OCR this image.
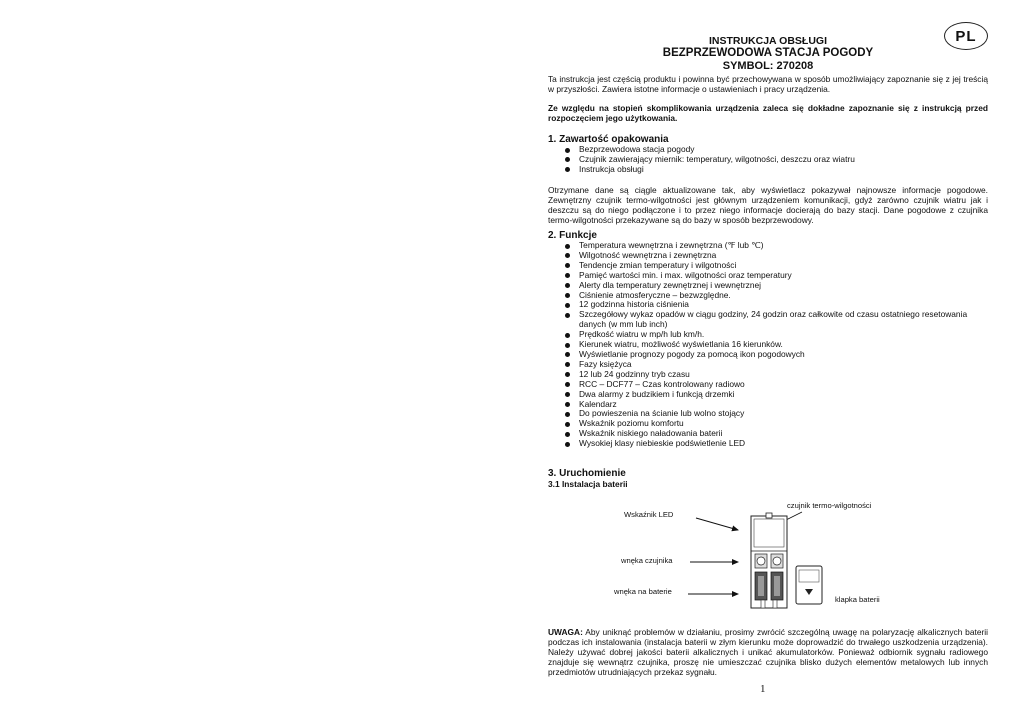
PL
INSTRUKCJA OBSŁUGI
BEZPRZEWODOWA STACJA POGODY
SYMBOL: 270208
Ta instrukcja jest częścią produktu i powinna być przechowywana w sposób umożliwiający zapoznanie się z jej treścią w przyszłości. Zawiera istotne informacje o ustawieniach i pracy urządzenia.
Ze względu na stopień skomplikowania urządzenia zaleca się dokładne zapoznanie się z instrukcją przed rozpoczęciem jego użytkowania.
1. Zawartość opakowania
Bezprzewodowa stacja pogody
Czujnik zawierający miernik: temperatury, wilgotności, deszczu oraz wiatru
Instrukcja obsługi
Otrzymane dane są ciągle aktualizowane tak, aby wyświetlacz pokazywał najnowsze informacje pogodowe. Zewnętrzny czujnik termo-wilgotności jest głównym urządzeniem komunikacji, gdyż zarówno czujnik wiatru jak i deszczu są do niego podłączone i to przez niego informacje docierają do bazy stacji. Dane pogodowe z czujnika termo-wilgotności przekazywane są do bazy w sposób bezprzewodowy.
2. Funkcje
Temperatura wewnętrzna i zewnętrzna (℉ lub ℃)
Wilgotność wewnętrzna i zewnętrzna
Tendencje zmian temperatury i wilgotności
Pamięć wartości min. i max. wilgotności oraz temperatury
Alerty dla temperatury zewnętrznej i wewnętrznej
Ciśnienie atmosferyczne – bezwzględne.
12 godzinna historia ciśnienia
Szczegółowy wykaz opadów w ciągu godziny, 24 godzin oraz całkowite od czasu ostatniego resetowania danych (w mm lub inch)
Prędkość wiatru w mp/h lub km/h.
Kierunek wiatru, możliwość wyświetlania 16 kierunków.
Wyświetlanie prognozy pogody za pomocą ikon pogodowych
Fazy księżyca
12 lub 24 godzinny tryb czasu
RCC – DCF77 – Czas kontrolowany radiowo
Dwa alarmy z budzikiem i funkcją drzemki
Kalendarz
Do powieszenia na ścianie lub wolno stojący
Wskaźnik poziomu komfortu
Wskaźnik niskiego naładowania baterii
Wysokiej klasy niebieskie podświetlenie LED
3. Uruchomienie
3.1 Instalacja baterii
czujnik termo-wilgotności
Wskaźnik LED
wnęka czujnika
wnęka na baterie
klapka baterii
UWAGA: Aby uniknąć problemów w działaniu, prosimy zwrócić szczególną uwagę na polaryzację alkalicznych baterii podczas ich instalowania (instalacja baterii w złym kierunku może doprowadzić do trwałego uszkodzenia urządzenia). Należy używać dobrej jakości baterii alkalicznych i unikać akumulatorków. Ponieważ odbiornik sygnału radiowego znajduje się wewnątrz czujnika, proszę nie umieszczać czujnika blisko dużych elementów metalowych lub innych przedmiotów utrudniających przekaz sygnału.
1
